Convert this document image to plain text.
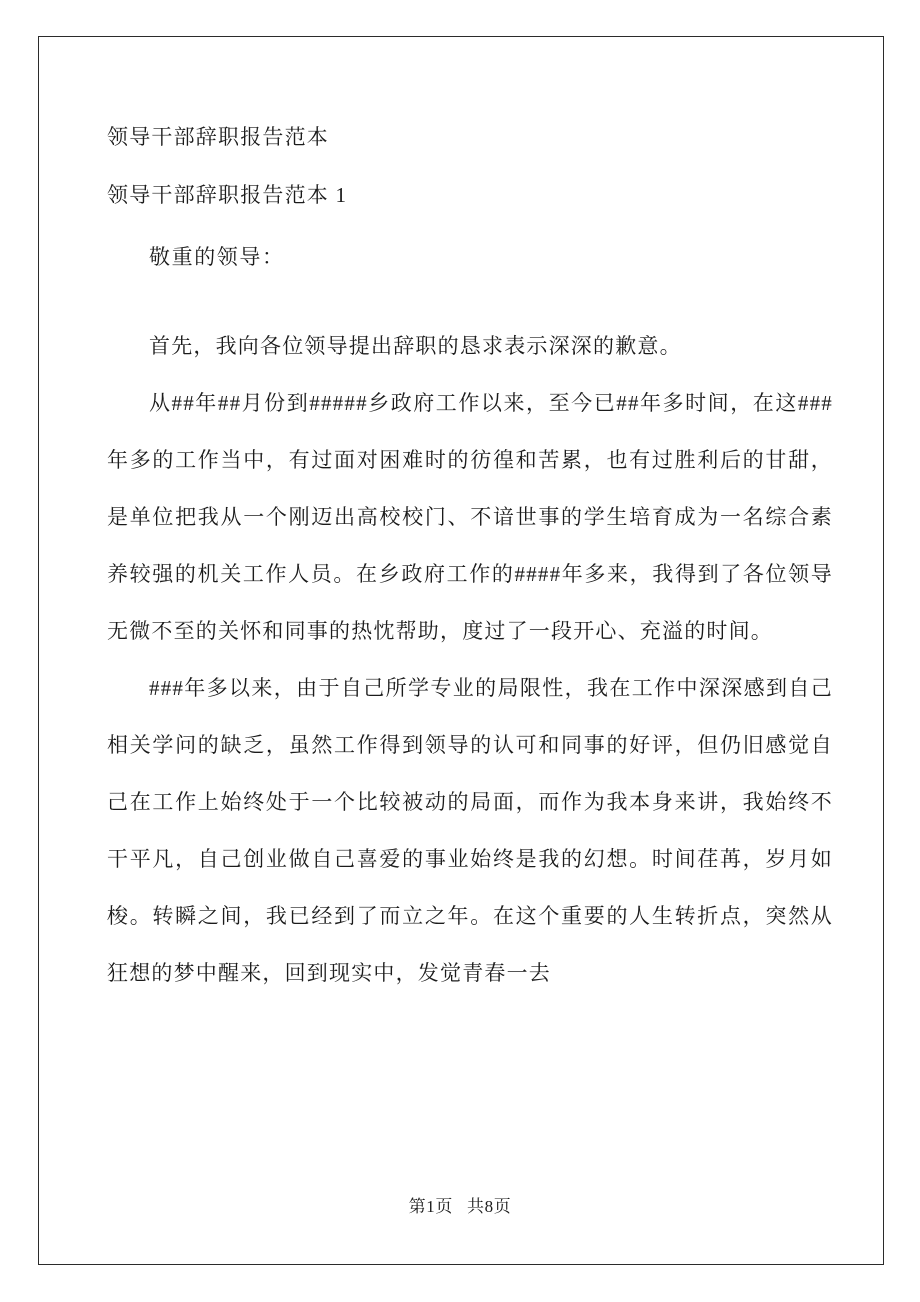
领导干部辞职报告范本

领导干部辞职报告范本 1

敬重的领导：

首先，我向各位领导提出辞职的恳求表示深深的歉意。

从##年##月份到#####乡政府工作以来，至今已##年多时间，在这###年多的工作当中，有过面对困难时的彷徨和苦累，也有过胜利后的甘甜，是单位把我从一个刚迈出高校校门、不谙世事的学生培育成为一名综合素养较强的机关工作人员。在乡政府工作的####年多来，我得到了各位领导无微不至的关怀和同事的热忱帮助，度过了一段开心、充溢的时间。

###年多以来，由于自己所学专业的局限性，我在工作中深深感到自己相关学问的缺乏，虽然工作得到领导的认可和同事的好评，但仍旧感觉自己在工作上始终处于一个比较被动的局面，而作为我本身来讲，我始终不干平凡，自己创业做自己喜爱的事业始终是我的幻想。时间荏苒，岁月如梭。转瞬之间，我已经到了而立之年。在这个重要的人生转折点，突然从狂想的梦中醒来，回到现实中，发觉青春一去

第1页 共8页
